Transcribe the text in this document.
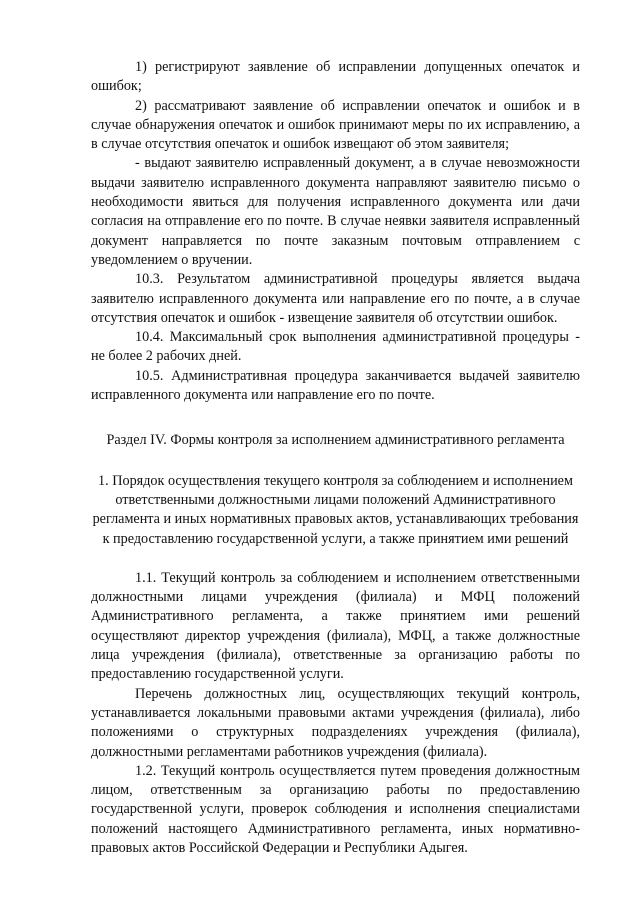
1) регистрируют заявление об исправлении допущенных опечаток и ошибок;

2) рассматривают заявление об исправлении опечаток и ошибок и в случае обнаружения опечаток и ошибок принимают меры по их исправлению, а в случае отсутствия опечаток и ошибок извещают об этом заявителя;

- выдают заявителю исправленный документ, а в случае невозможности выдачи заявителю исправленного документа направляют заявителю письмо о необходимости явиться для получения исправленного документа или дачи согласия на отправление его по почте. В случае неявки заявителя исправленный документ направляется по почте заказным почтовым отправлением с уведомлением о вручении.

10.3. Результатом административной процедуры является выдача заявителю исправленного документа или направление его по почте, а в случае отсутствия опечаток и ошибок - извещение заявителя об отсутствии ошибок.

10.4. Максимальный срок выполнения административной процедуры - не более 2 рабочих дней.

10.5. Административная процедура заканчивается выдачей заявителю исправленного документа или направление его по почте.

Раздел IV. Формы контроля за исполнением административного регламента

1. Порядок осуществления текущего контроля за соблюдением и исполнением ответственными должностными лицами положений Административного регламента и иных нормативных правовых актов, устанавливающих требования к предоставлению государственной услуги, а также принятием ими решений

1.1. Текущий контроль за соблюдением и исполнением ответственными должностными лицами учреждения (филиала) и МФЦ положений Административного регламента, а также принятием ими решений осуществляют директор учреждения (филиала), МФЦ, а также должностные лица учреждения (филиала), ответственные за организацию работы по предоставлению государственной услуги.

Перечень должностных лиц, осуществляющих текущий контроль, устанавливается локальными правовыми актами учреждения (филиала), либо положениями о структурных подразделениях учреждения (филиала), должностными регламентами работников учреждения (филиала).

1.2. Текущий контроль осуществляется путем проведения должностным лицом, ответственным за организацию работы по предоставлению государственной услуги, проверок соблюдения и исполнения специалистами положений настоящего Административного регламента, иных нормативно-правовых актов Российской Федерации и Республики Адыгея.
